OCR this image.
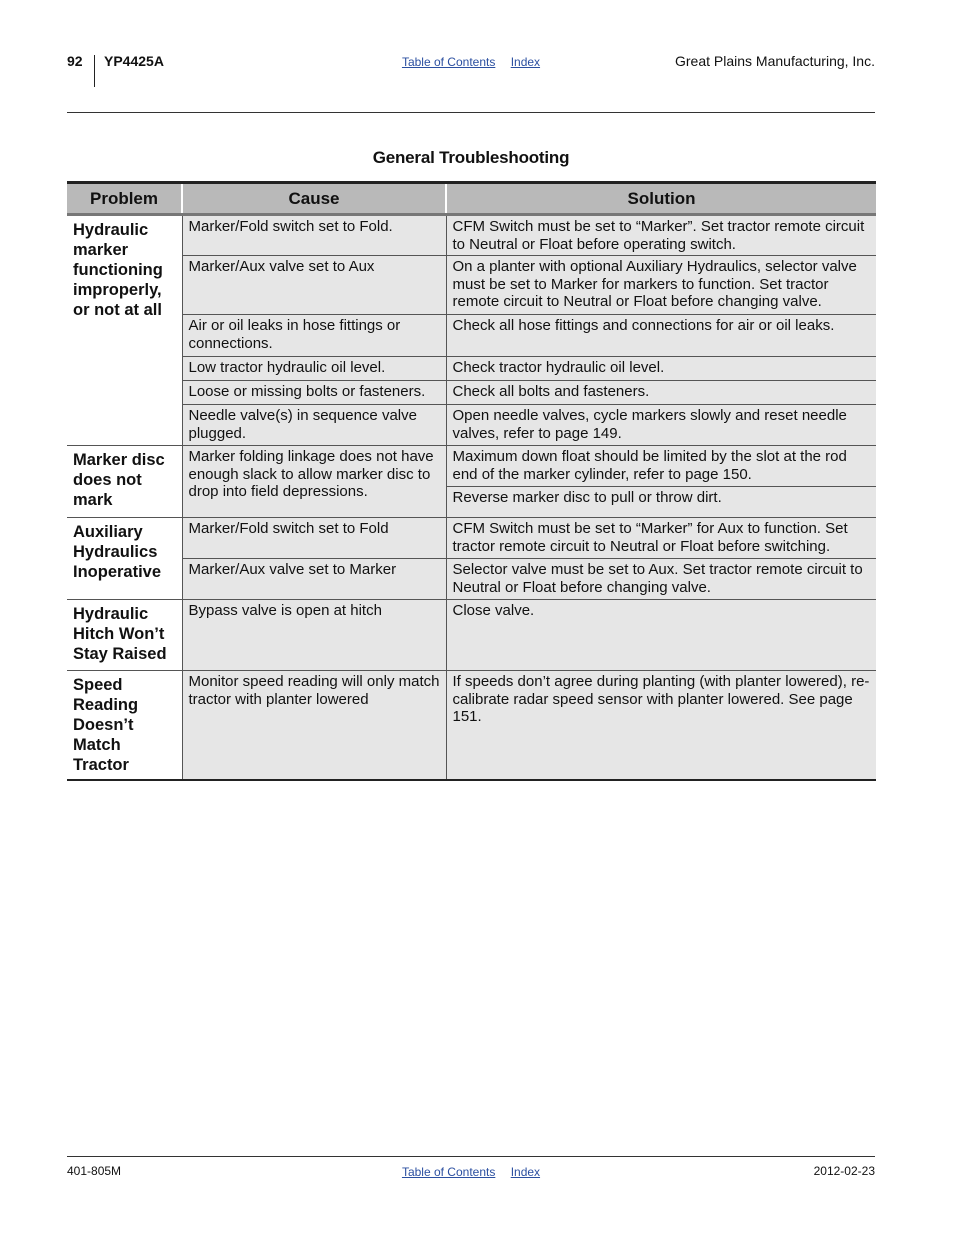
92 YP4425A	Table of Contents Index	Great Plains Manufacturing, Inc.
General Troubleshooting
Problem	Cause	Solution
Hydraulic marker functioning improperly, or not at all	Marker/Fold switch set to Fold.	CFM Switch must be set to “Marker”. Set tractor remote circuit to Neutral or Float before operating switch.
	Marker/Aux valve set to Aux	On a planter with optional Auxiliary Hydraulics, selector valve must be set to Marker for markers to function. Set tractor remote circuit to Neutral or Float before changing valve.
	Air or oil leaks in hose fittings or connections.	Check all hose fittings and connections for air or oil leaks.
	Low tractor hydraulic oil level.	Check tractor hydraulic oil level.
	Loose or missing bolts or fasteners.	Check all bolts and fasteners.
	Needle valve(s) in sequence valve plugged.	Open needle valves, cycle markers slowly and reset needle valves, refer to page 149.
Marker disc does not mark	Marker folding linkage does not have enough slack to allow marker disc to drop into field depressions.	Maximum down float should be limited by the slot at the rod end of the marker cylinder, refer to page 150.
		Reverse marker disc to pull or throw dirt.
Auxiliary Hydraulics Inoperative	Marker/Fold switch set to Fold	CFM Switch must be set to “Marker” for Aux to function. Set tractor remote circuit to Neutral or Float before switching.
	Marker/Aux valve set to Marker	Selector valve must be set to Aux. Set tractor remote circuit to Neutral or Float before changing valve.
Hydraulic Hitch Won’t Stay Raised	Bypass valve is open at hitch	Close valve.
Speed Reading Doesn’t Match Tractor	Monitor speed reading will only match tractor with planter lowered	If speeds don’t agree during planting (with planter lowered), re-calibrate radar speed sensor with planter lowered. See page 151.
401-805M	Table of Contents Index	2012-02-23
